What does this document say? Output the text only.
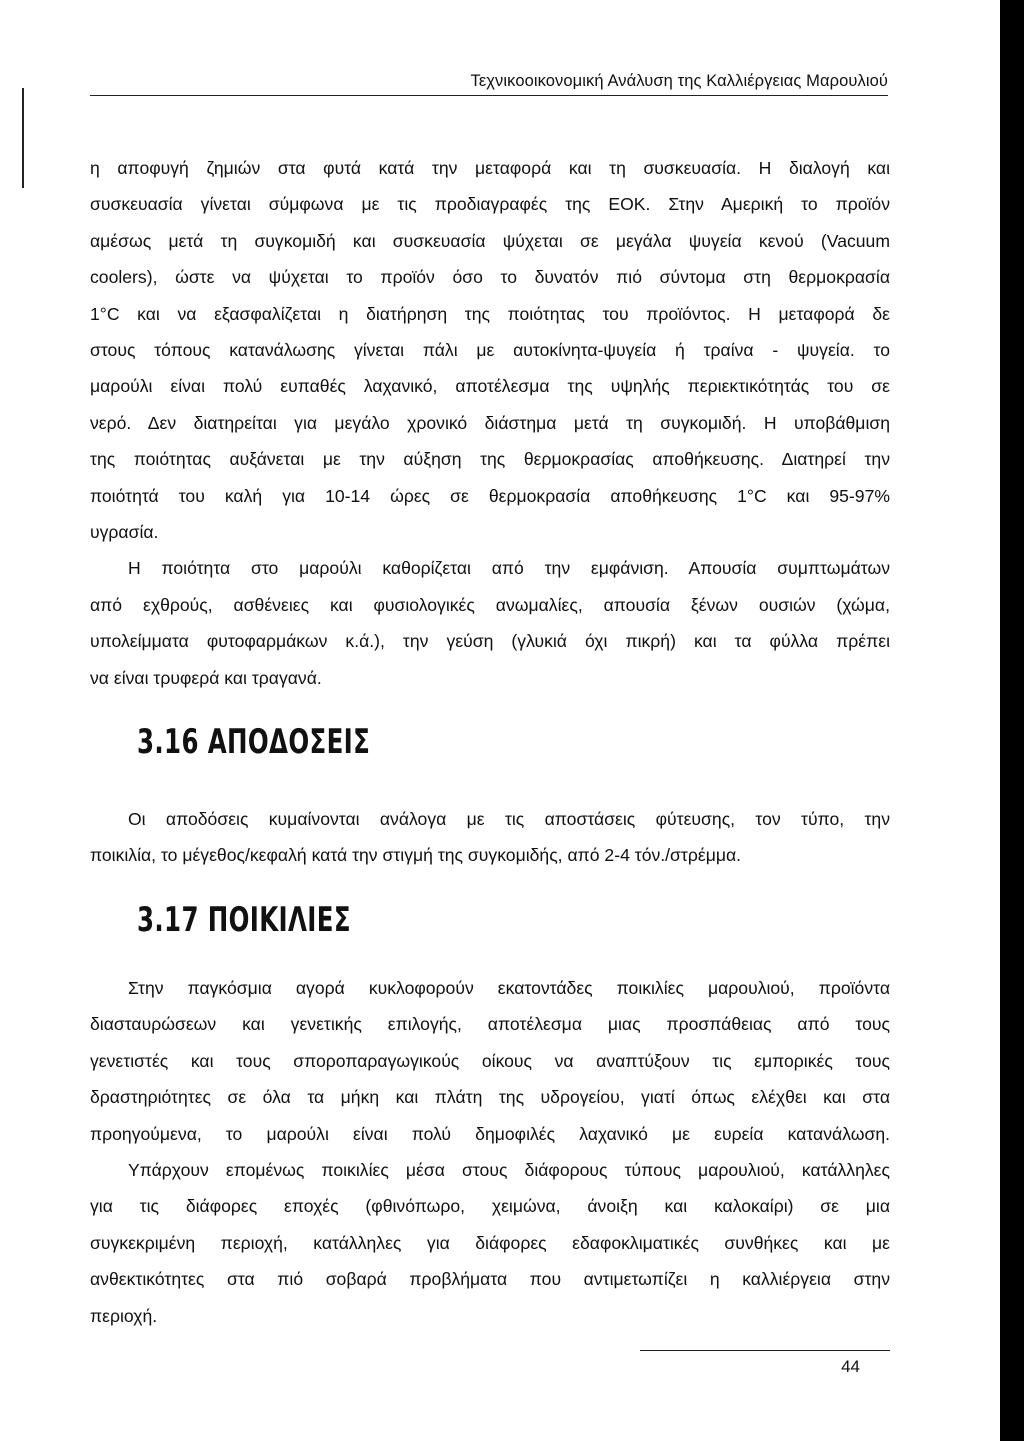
Τεχνικοοικονομική Ανάλυση της Καλλιέργειας Μαρουλιού

η αποφυγή ζημιών στα φυτά κατά την μεταφορά και τη συσκευασία. Η διαλογή και

συσκευασία γίνεται σύμφωνα με τις προδιαγραφές της ΕΟΚ. Στην Αμερική το προϊόν

αμέσως μετά τη συγκομιδή και συσκευασία ψύχεται σε μεγάλα ψυγεία κενού (Vacuum

coolers), ώστε να ψύχεται το προϊόν όσο το δυνατόν πιό σύντομα στη θερμοκρασία

1°C και να εξασφαλίζεται η διατήρηση της ποιότητας του προϊόντος. Η μεταφορά δε

στους τόπους κατανάλωσης γίνεται πάλι με αυτοκίνητα-ψυγεία ή τραίνα - ψυγεία. το

μαρούλι είναι πολύ ευπαθές λαχανικό, αποτέλεσμα της υψηλής περιεκτικότητάς του σε

νερό. Δεν διατηρείται για μεγάλο χρονικό διάστημα μετά τη συγκομιδή. Η υποβάθμιση

της ποιότητας αυξάνεται με την αύξηση της θερμοκρασίας αποθήκευσης. Διατηρεί την

ποιότητά του καλή για 10-14 ώρες σε θερμοκρασία αποθήκευσης 1°C και 95-97%

υγρασία.

Η ποιότητα στο μαρούλι καθορίζεται από την εμφάνιση. Απουσία συμπτωμάτων

από εχθρούς, ασθένειες και φυσιολογικές ανωμαλίες, απουσία ξένων ουσιών (χώμα,

υπολείμματα φυτοφαρμάκων κ.ά.), την γεύση (γλυκιά όχι πικρή) και τα φύλλα πρέπει

να είναι τρυφερά και τραγανά.

3.16 ΑΠΟΔΟΣΕΙΣ

Οι αποδόσεις κυμαίνονται ανάλογα με τις αποστάσεις φύτευσης, τον τύπο, την

ποικιλία, το μέγεθος/κεφαλή κατά την στιγμή της συγκομιδής, από 2-4 τόν./στρέμμα.

3.17 ΠΟΙΚΙΛΙΕΣ

Στην παγκόσμια αγορά κυκλοφορούν εκατοντάδες ποικιλίες μαρουλιού, προϊόντα

διασταυρώσεων και γενετικής επιλογής, αποτέλεσμα μιας προσπάθειας από τους

γενετιστές και τους σποροπαραγωγικούς οίκους να αναπτύξουν τις εμπορικές τους

δραστηριότητες σε όλα τα μήκη και πλάτη της υδρογείου, γιατί όπως ελέχθει και στα

προηγούμενα, το μαρούλι είναι πολύ δημοφιλές λαχανικό με ευρεία κατανάλωση.

Υπάρχουν επομένως ποικιλίες μέσα στους διάφορους τύπους μαρουλιού, κατάλληλες

για τις διάφορες εποχές (φθινόπωρο, χειμώνα, άνοιξη και καλοκαίρι) σε μια

συγκεκριμένη περιοχή, κατάλληλες για διάφορες εδαφοκλιματικές συνθήκες και με

ανθεκτικότητες στα πιό σοβαρά προβλήματα που αντιμετωπίζει η καλλιέργεια στην

περιοχή.

44
